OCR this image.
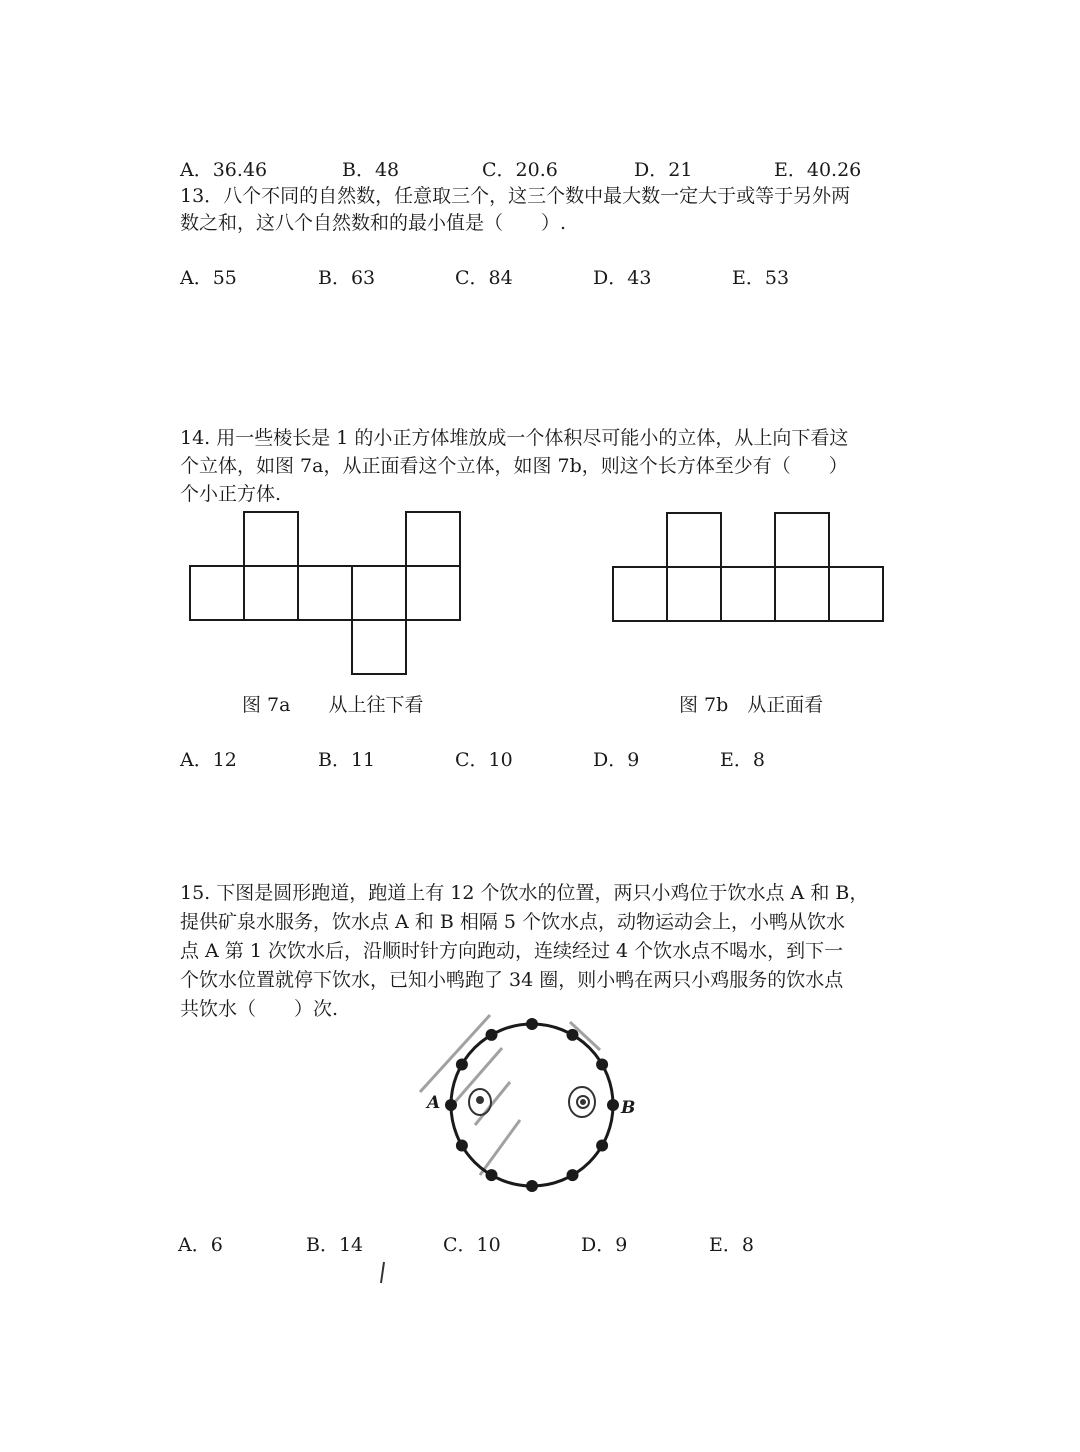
A．36.46	B．48	C．20.6	D．21	E．40.26
13．八个不同的自然数，任意取三个，这三个数中最大数一定大于或等于另外两
数之和，这八个自然数和的最小值是（　　）.
A．55	B．63	C．84	D．43	E．53
14. 用一些棱长是 1 的小正方体堆放成一个体积尽可能小的立体，从上向下看这
个立体，如图 7a，从正面看这个立体，如图 7b，则这个长方体至少有（　　）
个小正方体.
图 7a　　从上往下看	图 7b　从正面看
A．12	B．11	C．10	D．9	E．8
15. 下图是圆形跑道，跑道上有 12 个饮水的位置，两只小鸡位于饮水点 A 和 B，
提供矿泉水服务，饮水点 A 和 B 相隔 5 个饮水点，动物运动会上，小鸭从饮水
点 A 第 1 次饮水后，沿顺时针方向跑动，连续经过 4 个饮水点不喝水，到下一
个饮水位置就停下饮水，已知小鸭跑了 34 圈，则小鸭在两只小鸡服务的饮水点
共饮水（　　）次.
A	B
A．6	B．14	C．10	D．9	E．8
